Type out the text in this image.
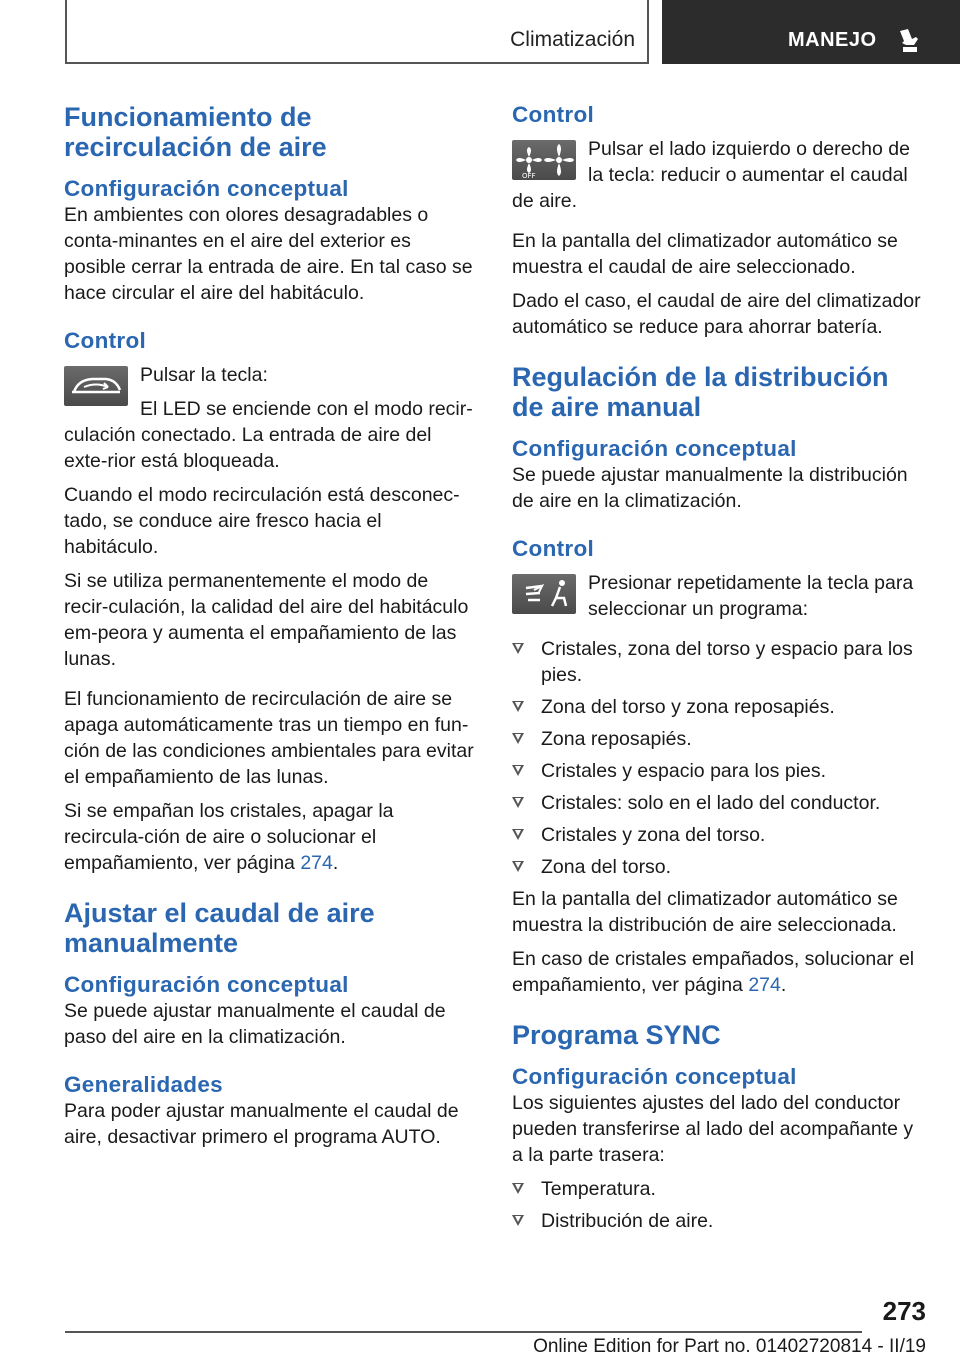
Climatización	MANEJO
Funcionamiento de recirculación de aire
Configuración conceptual

En ambientes con olores desagradables o conta-minantes en el aire del exterior es posible cerrar la entrada de aire. En tal caso se hace circular el aire del habitáculo.

Control

Pulsar la tecla:

El LED se enciende con el modo recir-culación conectado. La entrada de aire del exte-rior está bloqueada.

Cuando el modo recirculación está desconec-tado, se conduce aire fresco hacia el habitáculo.

Si se utiliza permanentemente el modo de recir-culación, la calidad del aire del habitáculo em-peora y aumenta el empañamiento de las lunas.

El funcionamiento de recirculación de aire se apaga automáticamente tras un tiempo en fun-ción de las condiciones ambientales para evitar el empañamiento de las lunas.

Si se empañan los cristales, apagar la recircula-ción de aire o solucionar el empañamiento, ver página 274.

Ajustar el caudal de aire manualmente
Configuración conceptual

Se puede ajustar manualmente el caudal de paso del aire en la climatización.

Generalidades

Para poder ajustar manualmente el caudal de aire, desactivar primero el programa AUTO.

Control
OFF

Pulsar el lado izquierdo o derecho de la tecla: reducir o aumentar el caudal de aire.

En la pantalla del climatizador automático se muestra el caudal de aire seleccionado.

Dado el caso, el caudal de aire del climatizador automático se reduce para ahorrar batería.

Regulación de la distribución de aire manual
Configuración conceptual

Se puede ajustar manualmente la distribución de aire en la climatización.

Control

Presionar repetidamente la tecla para seleccionar un programa:

Cristales, zona del torso y espacio para los pies.
Zona del torso y zona reposapiés.
Zona reposapiés.
Cristales y espacio para los pies.
Cristales: solo en el lado del conductor.
Cristales y zona del torso.
Zona del torso.

En la pantalla del climatizador automático se muestra la distribución de aire seleccionada.

En caso de cristales empañados, solucionar el empañamiento, ver página 274.

Programa SYNC
Configuración conceptual

Los siguientes ajustes del lado del conductor pueden transferirse al lado del acompañante y a la parte trasera:

Temperatura.
Distribución de aire.
273
Online Edition for Part no. 01402720814 - II/19
